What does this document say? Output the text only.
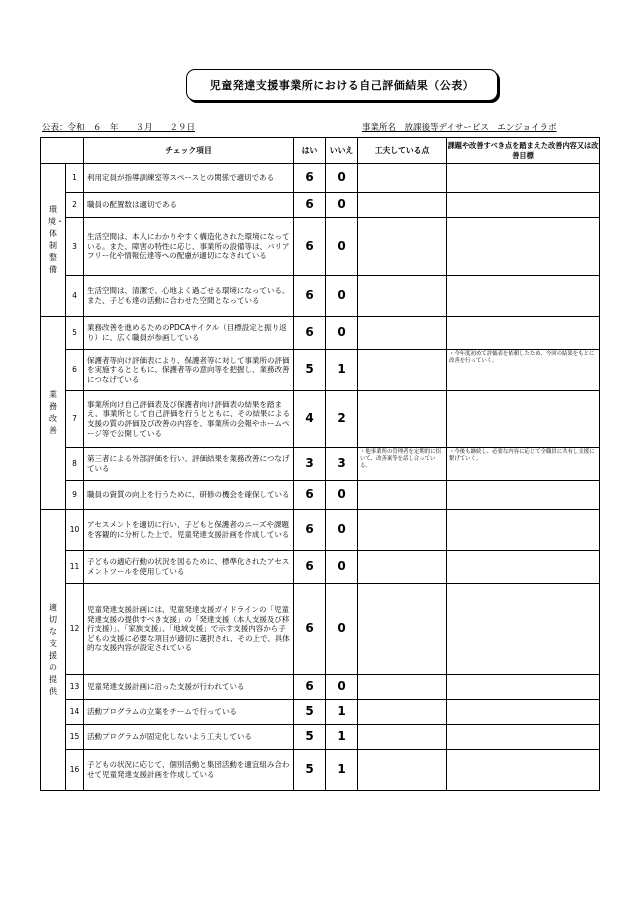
児童発達支援事業所における自己評価結果（公表）
公表：令和　６　年　　３月　　２９日	事業所名　放課後等デイサービス　エンジョイラボ
		チェック項目	はい	いいえ	工夫している点	課題や改善すべき点を踏まえた改善内容又は改善目標
環境・体制整備	1	利用定員が指導訓練室等スペースとの関係で適切である	6	0		
	2	職員の配置数は適切である	6	0		
	3	生活空間は、本人にわかりやすく構造化された環境になっている。また、障害の特性に応じ、事業所の設備等は、バリアフリー化や情報伝達等への配慮が適切になされている	6	0		
	4	生活空間は、清潔で、心地よく過ごせる環境になっている。また、子ども達の活動に合わせた空間となっている	6	0		
業務改善	5	業務改善を進めるためのPDCAサイクル（目標設定と振り返り）に、広く職員が参画している	6	0		
	6	保護者等向け評価表により、保護者等に対して事業所の評価を実施するとともに、保護者等の意向等を把握し、業務改善につなげている	5	1		・今年度初めて評価表を依頼したため、今回の結果をもとに改善を行っていく。
	7	事業所向け自己評価表及び保護者向け評価表の結果を踏まえ、事業所として自己評価を行うとともに、その結果による支援の質の評価及び改善の内容を、事業所の会報やホームページ等で公開している	4	2		
	8	第三者による外部評価を行い、評価結果を業務改善につなげている	3	3	・他事業所の管理者を定期的に招いて、改善案等を話し合っている。	・今後も継続し、必要な内容に応じて全職員に共有し支援に繋げていく。
	9	職員の資質の向上を行うために、研修の機会を確保している	6	0		
適切な支援の提供	10	アセスメントを適切に行い、子どもと保護者のニーズや課題を客観的に分析した上で、児童発達支援計画を作成している	6	0		
	11	子どもの適応行動の状況を図るために、標準化されたアセスメントツールを使用している	6	0		
	12	児童発達支援計画には、児童発達支援ガイドラインの「児童発達支援の提供すべき支援」の「発達支援（本人支援及び移行支援）」、「家族支援」、「地域支援」で示す支援内容から子どもの支援に必要な項目が適切に選択され、その上で、具体的な支援内容が設定されている	6	0		
	13	児童発達支援計画に沿った支援が行われている	6	0		
	14	活動プログラムの立案をチームで行っている	5	1		
	15	活動プログラムが固定化しないよう工夫している	5	1		
	16	子どもの状況に応じて、個別活動と集団活動を適宜組み合わせて児童発達支援計画を作成している	5	1		
